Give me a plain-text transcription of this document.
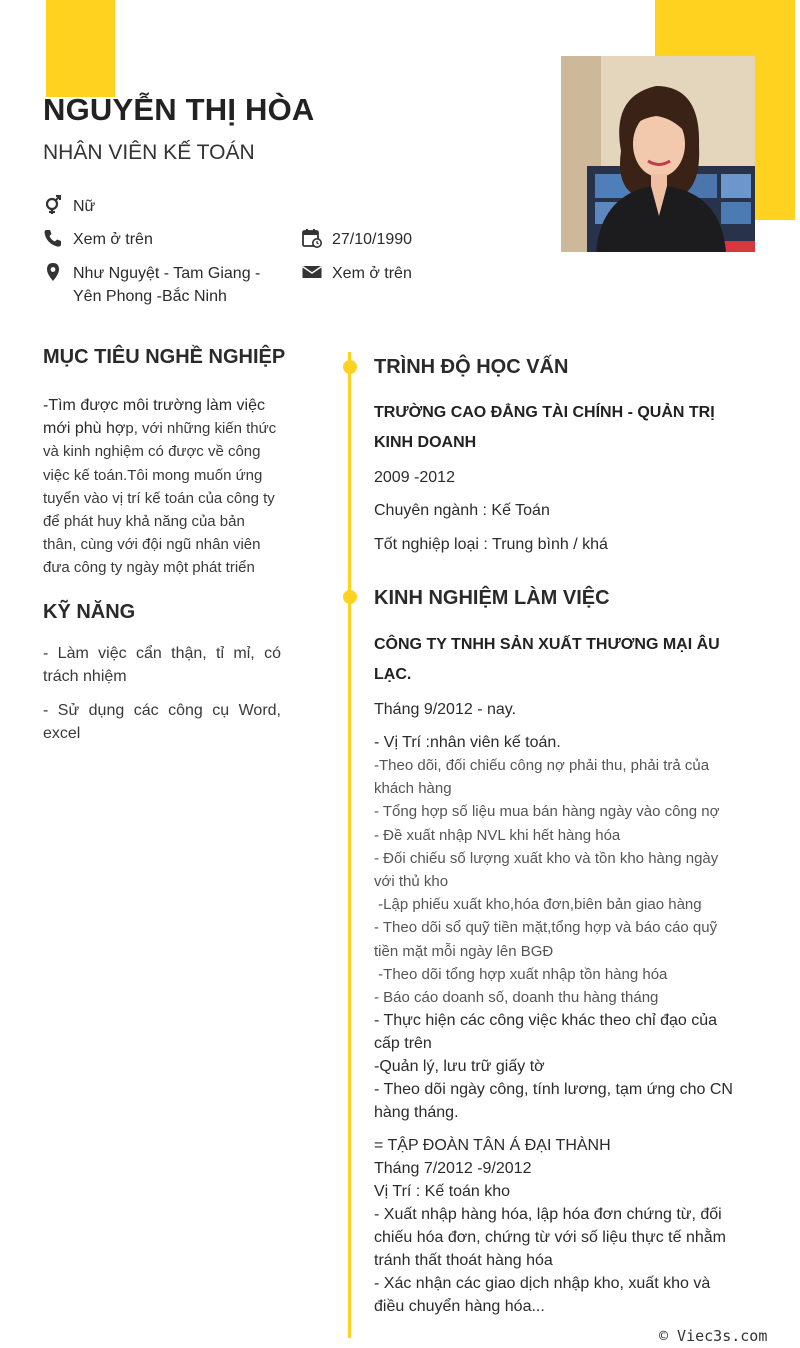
NGUYỄN THỊ HÒA
NHÂN VIÊN KẾ TOÁN
Nữ
Xem ở trên	27/10/1990
Như Nguyệt - Tam Giang -
Yên Phong -Bắc Ninh
Xem ở trên
MỤC TIÊU NGHỀ NGHIỆP
-Tìm được môi trường làm việc
mới phù hợp, với những kiến thức
và kinh nghiệm có được về công
việc kế toán.Tôi mong muốn ứng
tuyển vào vị trí kế toán của công ty
để phát huy khả năng của bản
thân, cùng với đội ngũ nhân viên
đưa công ty ngày một phát triển
KỸ NĂNG
- Làm việc cẩn thận, tỉ mỉ, có trách nhiệm
- Sử dụng các công cụ Word, excel
TRÌNH ĐỘ HỌC VẤN
TRƯỜNG CAO ĐẲNG TÀI CHÍNH - QUẢN TRỊ KINH DOANH
2009 -2012
Chuyên ngành : Kế Toán
Tốt nghiệp loại : Trung bình / khá
KINH NGHIỆM LÀM VIỆC
CÔNG TY TNHH SẢN XUẤT THƯƠNG MẠI ÂU LẠC.
Tháng 9/2012 - nay.
- Vị Trí :nhân viên kế toán.
-Theo dõi, đối chiếu công nợ phải thu, phải trả của khách hàng
- Tổng hợp số liệu mua bán hàng ngày vào công nợ
- Đề xuất nhập NVL khi hết hàng hóa
- Đối chiếu số lượng xuất kho và tồn kho hàng ngày với thủ kho
-Lập phiếu xuất kho,hóa đơn,biên bản giao hàng
- Theo dõi sổ quỹ tiền mặt,tổng hợp và báo cáo quỹ tiền mặt mỗi ngày lên BGĐ
-Theo dõi tổng hợp xuất nhập tồn hàng hóa
- Báo cáo doanh số, doanh thu hàng tháng
- Thực hiện các công việc khác theo chỉ đạo của cấp trên
-Quản lý, lưu trữ giấy tờ
- Theo dõi ngày công, tính lương, tạm ứng cho CN hàng tháng.
= TẬP ĐOÀN TÂN Á ĐẠI THÀNH
Tháng 7/2012 -9/2012
Vị Trí : Kế toán kho
- Xuất nhập hàng hóa, lập hóa đơn chứng từ, đối chiếu hóa đơn, chứng từ với số liệu thực tế nhằm tránh thất thoát hàng hóa
- Xác nhận các giao dịch nhập kho, xuất kho và điều chuyển hàng hóa...
© Viec3s.com
